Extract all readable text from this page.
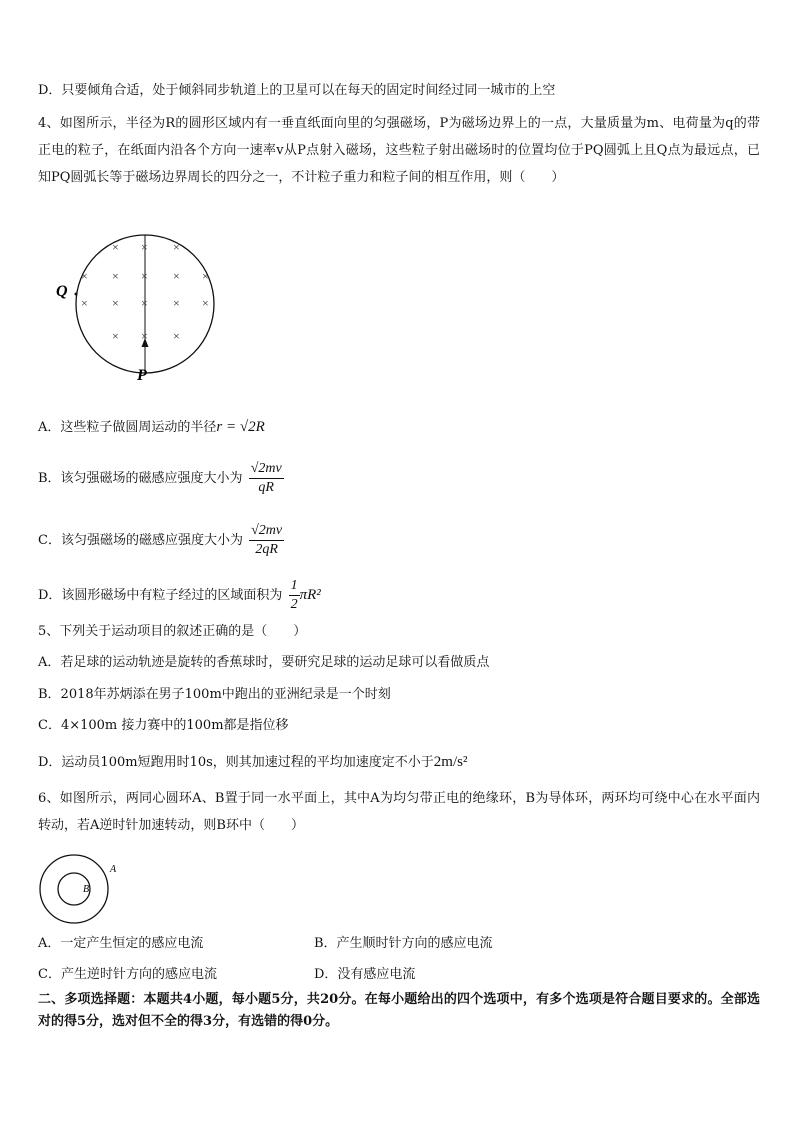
D．只要倾角合适，处于倾斜同步轨道上的卫星可以在每天的固定时间经过同一城市的上空
4、如图所示，半径为R的圆形区域内有一垂直纸面向里的匀强磁场，P为磁场边界上的一点，大量质量为m、电荷量为q的带正电的粒子，在纸面内沿各个方向一速率v从P点射入磁场，这些粒子射出磁场时的位置均位于PQ圆弧上且Q点为最远点，已知PQ圆弧长等于磁场边界周长的四分之一，不计粒子重力和粒子间的相互作用，则（　　）
× × ×
× × × × ×
× × × × ×
× × ×
Q
P
A．这些粒子做圆周运动的半径r = √2R
B．该匀强磁场的磁感应强度大小为 $\frac{√2mv}{qR}$
C．该匀强磁场的磁感应强度大小为 $\frac{√2mv}{2qR}$
D．该圆形磁场中有粒子经过的区域面积为 $\frac{1}{2} \pi R^2$
5、下列关于运动项目的叙述正确的是（　　）
A．若足球的运动轨迹是旋转的香蕉球时，要研究足球的运动足球可以看做质点
B．2018年苏炳添在男子100m中跑出的亚洲纪录是一个时刻
C．4×100m 接力赛中的100m都是指位移
D．运动员100m短跑用时10s，则其加速过程的平均加速度定不小于2m/s²
6、如图所示，两同心圆环A、B置于同一水平面上，其中A为均匀带正电的绝缘环，B为导体环，两环均可绕中心在水平面内转动，若A逆时针加速转动，则B环中（　　）
A
B
A．一定产生恒定的感应电流	B．产生顺时针方向的感应电流
C．产生逆时针方向的感应电流	D．没有感应电流
二、多项选择题：本题共4小题，每小题5分，共20分。在每小题给出的四个选项中，有多个选项是符合题目要求的。全部选对的得5分，选对但不全的得3分，有选错的得0分。
